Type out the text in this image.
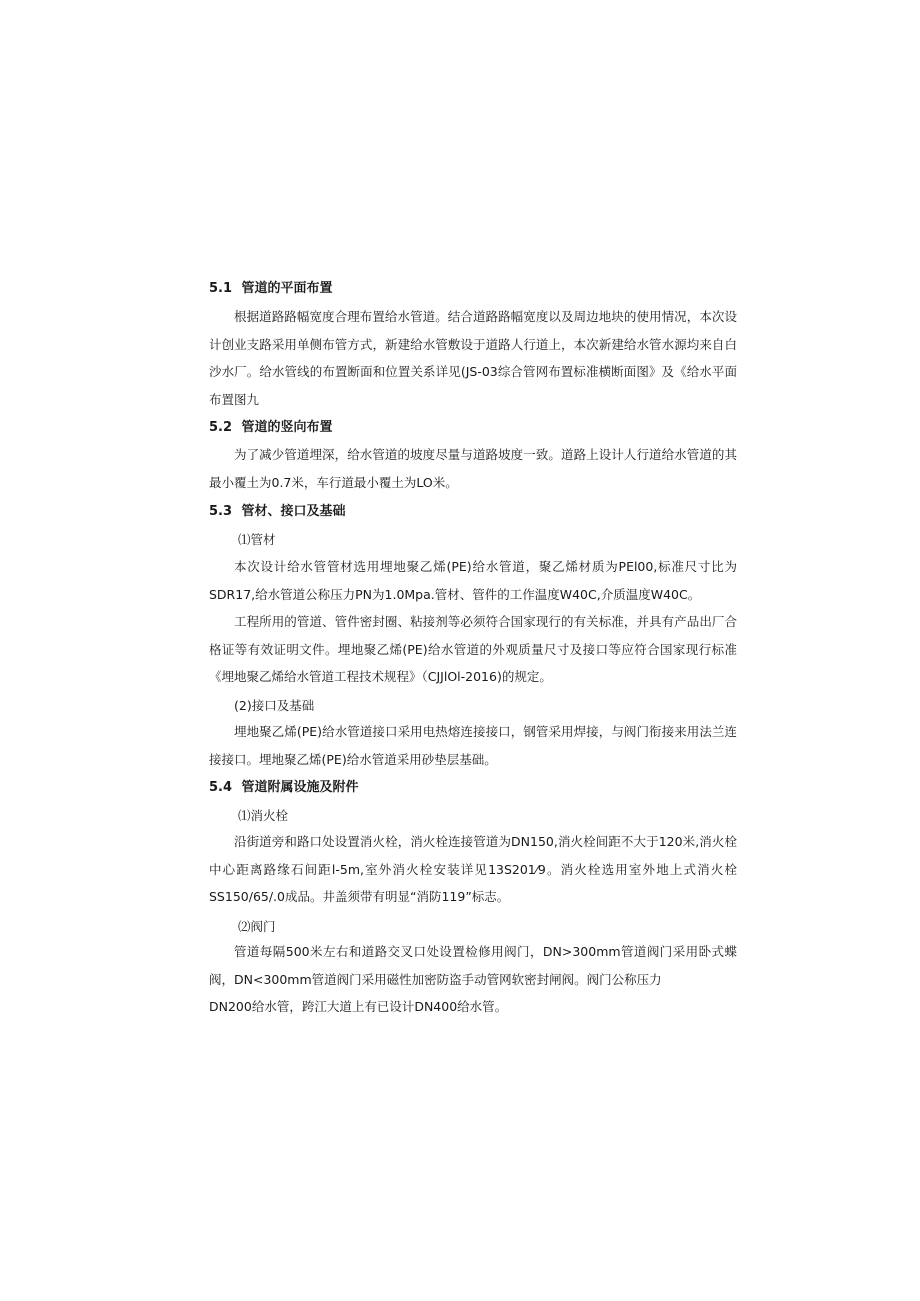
5.1 管道的平面布置
根据道路路幅宽度合理布置给水管道。结合道路路幅宽度以及周边地块的使用情况，本次设计创业支路采用单侧布管方式，新建给水管敷设于道路人行道上，本次新建给水管水源均来自白沙水厂。给水管线的布置断面和位置关系详见(JS-03综合管网布置标准横断面图》及《给水平面布置图九
5.2 管道的竖向布置
为了减少管道埋深，给水管道的坡度尽量与道路坡度一致。道路上设计人行道给水管道的其最小覆土为0.7米，车行道最小覆土为LO米。
5.3 管材、接口及基础
⑴管材
本次设计给水管管材选用埋地聚乙烯(PE)给水管道，聚乙烯材质为PEl00,标准尺寸比为SDR17,给水管道公称压力PN为1.0Mpa.管材、管件的工作温度W40C,介质温度W40C。
工程所用的管道、管件密封圈、粘接剂等必须符合国家现行的有关标准，并具有产品出厂合格证等有效证明文件。埋地聚乙烯(PE)给水管道的外观质量尺寸及接口等应符合国家现行标准《埋地聚乙烯给水管道工程技术规程》（CJJlOl-2016)的规定。
(2)接口及基础
埋地聚乙烯(PE)给水管道接口采用电热熔连接接口，钢管采用焊接，与阀门衔接来用法兰连接接口。埋地聚乙烯(PE)给水管道采用砂垫层基础。
5.4 管道附属设施及附件
⑴消火栓
沿街道旁和路口处设置消火栓，消火栓连接管道为DN150,消火栓间距不大于120米,消火栓中心距离路缘石间距l-5m,室外消火栓安装详见13S201⁄9。消火栓选用室外地上式消火栓SS150/65/.0成品。井盖须带有明显“消防119”标志。
⑵阀门
管道每隔500米左右和道路交叉口处设置检修用阀门，DN>300mm管道阀门采用卧式蝶阀，DN<300mm管道阀门采用磁性加密防盗手动管网软密封闸阀。阀门公称压力
DN200给水管，跨江大道上有已设计DN400给水管。
